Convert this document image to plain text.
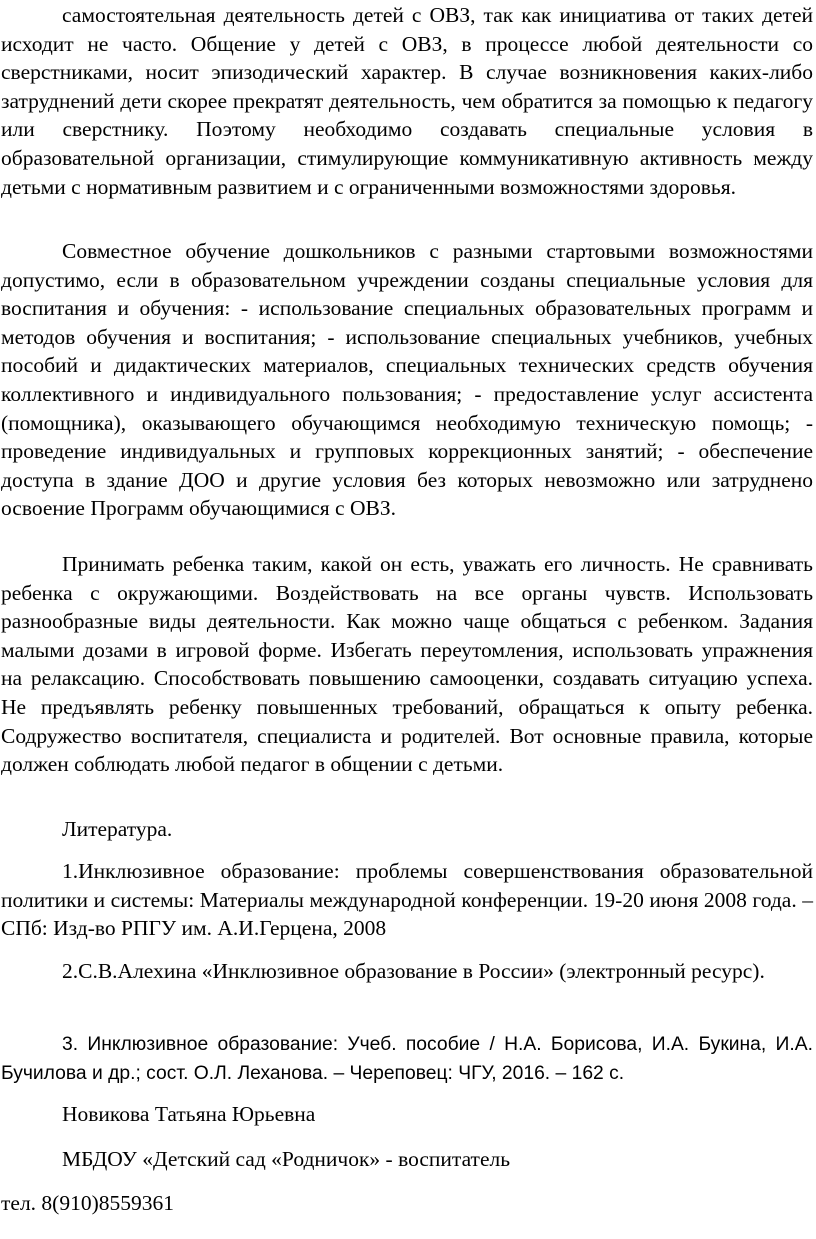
самостоятельная деятельность детей с ОВЗ, так как инициатива от таких детей исходит не часто. Общение у детей с ОВЗ, в процессе любой деятельности со сверстниками, носит эпизодический характер. В случае возникновения каких-либо затруднений дети скорее прекратят деятельность, чем обратится за помощью к педагогу или сверстнику. Поэтому необходимо создавать специальные условия в образовательной организации, стимулирующие коммуникативную активность между детьми с нормативным развитием и с ограниченными возможностями здоровья.

Совместное обучение дошкольников с разными стартовыми возможностями допустимо, если в образовательном учреждении созданы специальные условия для воспитания и обучения: - использование специальных образовательных программ и методов обучения и воспитания; - использование специальных учебников, учебных пособий и дидактических материалов, специальных технических средств обучения коллективного и индивидуального пользования; - предоставление услуг ассистента (помощника), оказывающего обучающимся необходимую техническую помощь; - проведение индивидуальных и групповых коррекционных занятий; - обеспечение доступа в здание ДОО и другие условия без которых невозможно или затруднено освоение Программ обучающимися с ОВЗ.

Принимать ребенка таким, какой он есть, уважать его личность. Не сравнивать ребенка с окружающими. Воздействовать на все органы чувств. Использовать разнообразные виды деятельности. Как можно чаще общаться с ребенком. Задания малыми дозами в игровой форме. Избегать переутомления, использовать упражнения на релаксацию. Способствовать повышению самооценки, создавать ситуацию успеха. Не предъявлять ребенку повышенных требований, обращаться к опыту ребенка. Содружество воспитателя, специалиста и родителей. Вот основные правила, которые должен соблюдать любой педагог в общении с детьми.

Литература.

1.Инклюзивное образование: проблемы совершенствования образовательной политики и системы: Материалы международной конференции. 19-20 июня 2008 года. – СПб: Изд-во РПГУ им. А.И.Герцена, 2008

2.С.В.Алехина «Инклюзивное образование в России» (электронный ресурс).

3. Инклюзивное образование: Учеб. пособие / Н.А. Борисова, И.А. Букина, И.А. Бучилова и др.; сост. О.Л. Леханова. – Череповец: ЧГУ, 2016. – 162 с.

Новикова Татьяна Юрьевна

МБДОУ «Детский сад «Родничок» - воспитатель

тел. 8(910)8559361
